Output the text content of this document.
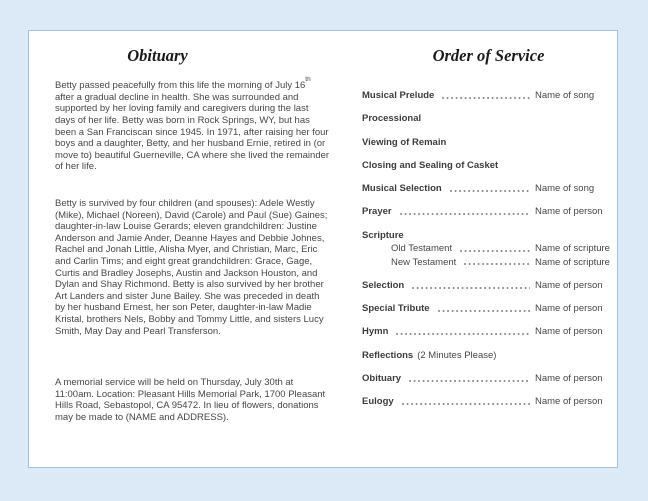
Obituary

Betty passed peacefully from this life the morning of July 16th after a gradual decline in health. She was surrounded and supported by her loving family and caregivers during the last days of her life. Betty was born in Rock Springs, WY, but has been a San Franciscan since 1945. In 1971, after raising her four boys and a daughter, Betty, and her husband Ernie, retired in (or move to) beautiful Guerneville, CA where she lived the remainder of her life.

Betty is survived by four children (and spouses): Adele Westly (Mike), Michael (Noreen), David (Carole) and Paul (Sue) Gaines; daughter-in-law Louise Gerards; eleven grandchildren: Justine Anderson and Jamie Ander, Deanne Hayes and Debbie Johnes, Rachel and Jonah Little, Alisha Myer, and Christian, Marc, Eric and Carlin Tims; and eight great grandchildren: Grace, Gage, Curtis and Bradley Josephs, Austin and Jackson Houston, and Dylan and Shay Richmond. Betty is also survived by her brother Art Landers and sister June Bailey. She was preceded in death by her husband Ernest, her son Peter, daughter-in-law Madie Kristal, brothers Nels, Bobby and Tommy Little, and sisters Lucy Smith, May Day and Pearl Transferson.

A memorial service will be held on Thursday, July 30th at 11:00am. Location: Pleasant Hills Memorial Park, 1700 Pleasant Hills Road, Sebastopol, CA 95472. In lieu of flowers, donations may be made to (NAME and ADDRESS).

Order of Service
Musical Prelude	Name of song
Processional
Viewing of Remain
Closing and Sealing of Casket
Musical Selection	Name of song
Prayer	Name of person
Scripture
Old Testament	Name of scripture
New Testament	Name of scripture
Selection	Name of person
Special Tribute	Name of person
Hymn	Name of person
Reflections (2 Minutes Please)
Obituary	Name of person
Eulogy	Name of person
